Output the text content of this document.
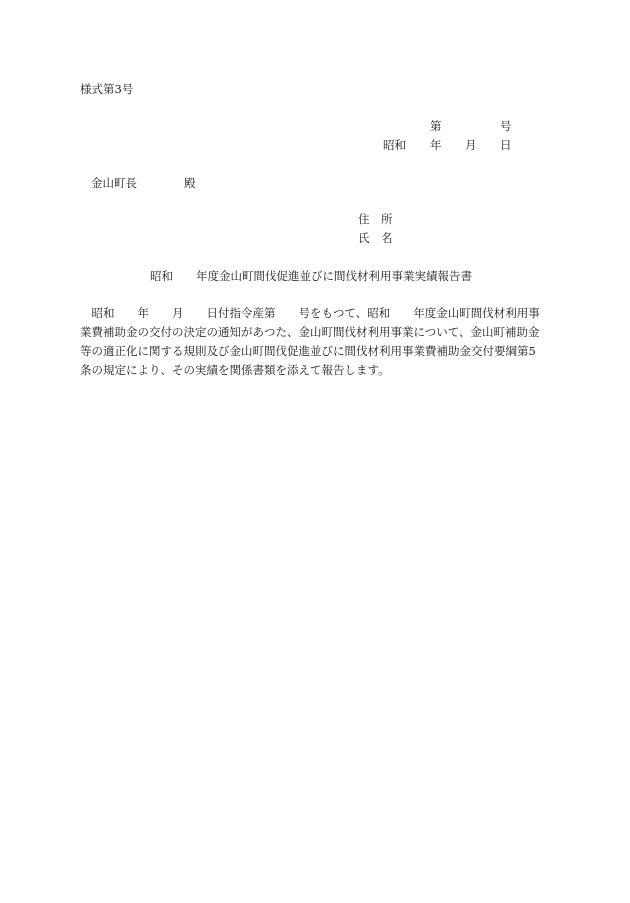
様式第3号
第	号
昭和 年 月 日
金山町長	殿
住　所
氏　名
昭和　　年度金山町間伐促進並びに間伐材利用事業実績報告書
　昭和　　年　　月　　日付指令産第　　号をもつて、昭和　　年度金山町間伐材利用事
業費補助金の交付の決定の通知があつた、金山町間伐材利用事業について、金山町補助金
等の適正化に関する規則及び金山町間伐促進並びに間伐材利用事業費補助金交付要綱第5
条の規定により、その実績を関係書類を添えて報告します。
